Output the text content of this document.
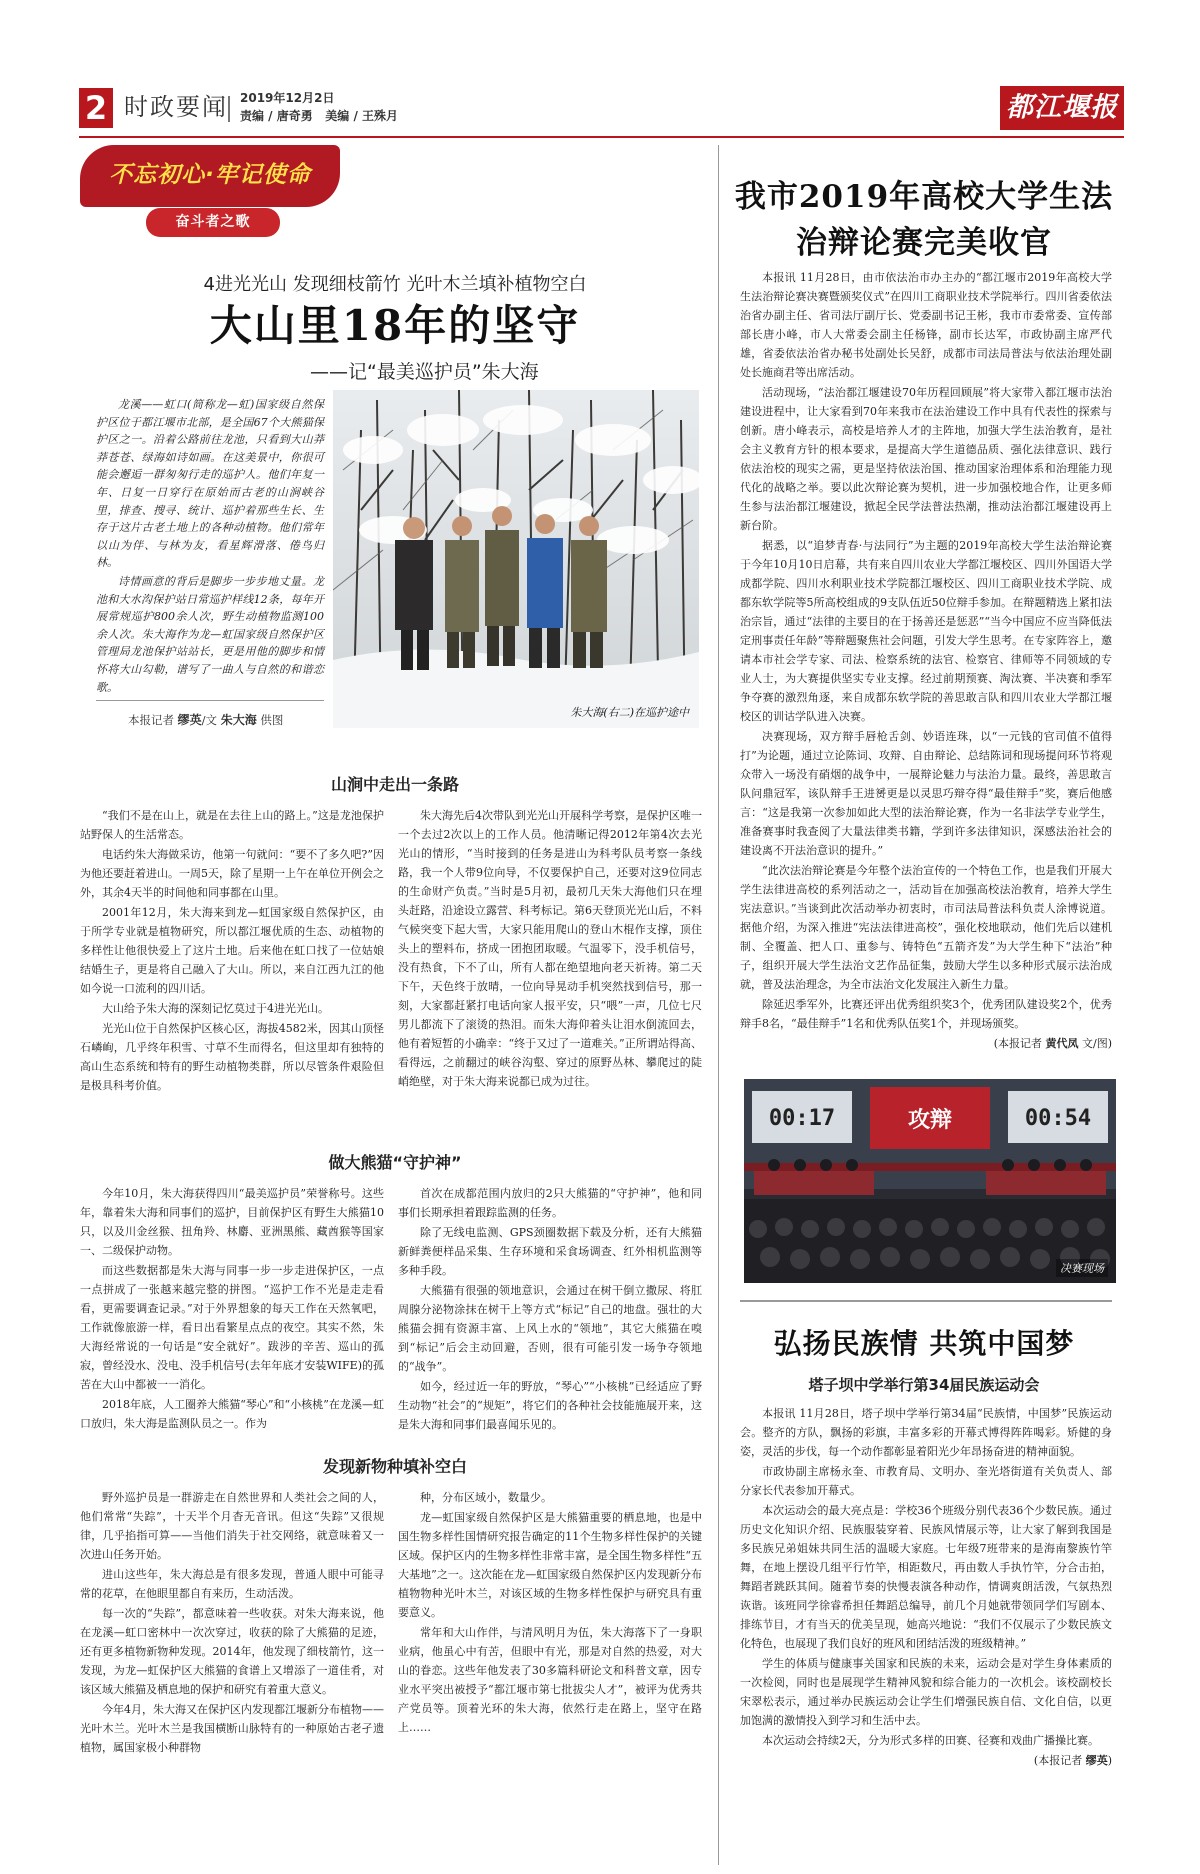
2 时政要闻 2019年12月2日
责编 / 唐奇勇   美编 / 王殊月	都江堰报
不忘初心·牢记使命
奋斗者之歌
4进光光山 发现细枝箭竹 光叶木兰填补植物空白
大山里18年的坚守
——记“最美巡护员”朱大海

龙溪——虹口(简称龙—虹)国家级自然保护区位于都江堰市北部，是全国67个大熊猫保护区之一。沿着公路前往龙池，只看到大山莽莽苍苍、绿海如诗如画。在这美景中，你很可能会邂逅一群匆匆行走的巡护人。他们年复一年、日复一日穿行在原始而古老的山涧峡谷里，排查、搜寻、统计、巡护着那些生长、生存于这片古老土地上的各种动植物。他们常年以山为伴、与林为友，看星辉滑落、倦鸟归林。

诗情画意的背后是脚步一步步地丈量。龙池和大水沟保护站日常巡护样线12条，每年开展常规巡护800余人次，野生动植物监测100余人次。朱大海作为龙—虹国家级自然保护区管理局龙池保护站站长，更是用他的脚步和情怀将大山勾勒，谱写了一曲人与自然的和谐恋歌。

本报记者 缪英/文 朱大海 供图
朱大海(右二)在巡护途中
山涧中走出一条路

“我们不是在山上，就是在去往上山的路上。”这是龙池保护站野保人的生活常态。

电话约朱大海做采访，他第一句就问：“要不了多久吧?”因为他还要赶着进山。一周5天，除了星期一上午在单位开例会之外，其余4天半的时间他和同事都在山里。

2001年12月，朱大海来到龙—虹国家级自然保护区，由于所学专业就是植物研究，所以都江堰优质的生态、动植物的多样性让他很快爱上了这片土地。后来他在虹口找了一位姑娘结婚生子，更是将自己融入了大山。所以，来自江西九江的他如今说一口流利的四川话。

大山给予朱大海的深刻记忆莫过于4进光光山。

光光山位于自然保护区核心区，海拔4582米，因其山顶怪石嶙峋，几乎终年积雪、寸草不生而得名，但这里却有独特的高山生态系统和特有的野生动植物类群，所以尽管条件艰险但是极具科考价值。

朱大海先后4次带队到光光山开展科学考察，是保护区唯一一个去过2次以上的工作人员。他清晰记得2012年第4次去光光山的情形，“当时接到的任务是进山为科考队员考察一条线路，我一个人带9位向导，不仅要保护自己，还要对这9位同志的生命财产负责。”当时是5月初，最初几天朱大海他们只在埋头赶路，沿途设立露营、科考标记。第6天登顶光光山后，不料气候突变下起大雪，大家只能用爬山的登山木棍作支撑，顶住头上的塑料布，挤成一团抱团取暖。气温零下，没手机信号，没有热食，下不了山，所有人都在绝望地向老天祈祷。第二天下午，天色终于放晴，一位向导晃动手机突然找到信号，那一刻，大家都赶紧打电话向家人报平安，只“喂”一声，几位七尺男儿都流下了滚烫的热泪。而朱大海仰着头让泪水倒流回去，他有着短暂的小确幸：“终于又过了一道难关。”正所谓站得高、看得远，之前翻过的峡谷沟壑、穿过的原野丛林、攀爬过的陡峭绝壁，对于朱大海来说都已成为过往。

做大熊猫“守护神”

今年10月，朱大海获得四川“最美巡护员”荣誉称号。这些年，靠着朱大海和同事们的巡护，目前保护区有野生大熊猫10只，以及川金丝猴、扭角羚、林麝、亚洲黑熊、藏酋猴等国家一、二级保护动物。

而这些数据都是朱大海与同事一步一步走进保护区，一点一点拼成了一张越来越完整的拼图。“巡护工作不光是走走看看，更需要调查记录。”对于外界想象的每天工作在天然氧吧，工作就像旅游一样，看日出看繁星点点的夜空。其实不然，朱大海经常说的一句话是“安全就好”。跋涉的辛苦、巡山的孤寂，曾经没水、没电、没手机信号(去年年底才安装WIFE)的孤苦在大山中都被一一消化。

2018年底，人工圈养大熊猫“琴心”和“小核桃”在龙溪—虹口放归，朱大海是监测队员之一。作为

首次在成都范围内放归的2只大熊猫的“守护神”，他和同事们长期承担着跟踪监测的任务。

除了无线电监测、GPS颈圈数据下载及分析，还有大熊猫新鲜粪便样品采集、生存环境和采食场调查、红外相机监测等多种手段。

大熊猫有很强的领地意识，会通过在树干倒立撒尿、将肛周腺分泌物涂抹在树干上等方式“标记”自己的地盘。强壮的大熊猫会拥有资源丰富、上风上水的“领地”，其它大熊猫在嗅到“标记”后会主动回避，否则，很有可能引发一场争夺领地的“战争”。

如今，经过近一年的野放，“琴心”“小核桃”已经适应了野生动物“社会”的“规矩”，将它们的各种社会技能施展开来，这是朱大海和同事们最喜闻乐见的。

发现新物种填补空白

野外巡护员是一群游走在自然世界和人类社会之间的人，他们常常“失踪”，十天半个月杳无音讯。但这“失踪”又很规律，几乎掐指可算——当他们消失于社交网络，就意味着又一次进山任务开始。

进山这些年，朱大海总是有很多发现，普通人眼中可能寻常的花草，在他眼里都自有来历，生动活泼。

每一次的“失踪”，都意味着一些收获。对朱大海来说，他在龙溪—虹口密林中一次次穿过，收获的除了大熊猫的足迹，还有更多植物新物种发现。2014年，他发现了细枝箭竹，这一发现，为龙—虹保护区大熊猫的食谱上又增添了一道佳肴，对该区域大熊猫及栖息地的保护和研究有着重大意义。

今年4月，朱大海又在保护区内发现都江堰新分布植物——光叶木兰。光叶木兰是我国横断山脉特有的一种原始古老孑遗植物，属国家极小种群物

种，分布区域小，数量少。

龙—虹国家级自然保护区是大熊猫重要的栖息地，也是中国生物多样性国情研究报告确定的11个生物多样性保护的关键区域。保护区内的生物多样性非常丰富，是全国生物多样性“五大基地”之一。这次能在龙—虹国家级自然保护区内发现新分布植物物种光叶木兰，对该区域的生物多样性保护与研究具有重要意义。

常年和大山作伴，与清风明月为伍，朱大海落下了一身职业病，他虽心中有苦，但眼中有光，那是对自然的热爱，对大山的眷恋。这些年他发表了30多篇科研论文和科普文章，因专业水平突出被授予“都江堰市第七批拔尖人才”，被评为优秀共产党员等。顶着光环的朱大海，依然行走在路上，坚守在路上……

我市2019年高校大学生法治辩论赛完美收官

本报讯 11月28日，由市依法治市办主办的“都江堰市2019年高校大学生法治辩论赛决赛暨颁奖仪式”在四川工商职业技术学院举行。四川省委依法治省办副主任、省司法厅副厅长、党委副书记王彬，我市市委常委、宣传部部长唐小峰，市人大常委会副主任杨锋，副市长达军，市政协副主席严代雄，省委依法治省办秘书处副处长吴舒，成都市司法局普法与依法治理处副处长施商君等出席活动。

活动现场，“法治都江堰建设70年历程回顾展”将大家带入都江堰市法治建设进程中，让大家看到70年来我市在法治建设工作中具有代表性的探索与创新。唐小峰表示，高校是培养人才的主阵地，加强大学生法治教育，是社会主义教育方针的根本要求，是提高大学生道德品质、强化法律意识、践行依法治校的现实之需，更是坚持依法治国、推动国家治理体系和治理能力现代化的战略之举。要以此次辩论赛为契机，进一步加强校地合作，让更多师生参与法治都江堰建设，掀起全民学法普法热潮，推动法治都江堰建设再上新台阶。

据悉，以“追梦青春·与法同行”为主题的2019年高校大学生法治辩论赛于今年10月10日启幕，共有来自四川农业大学都江堰校区、四川外国语大学成都学院、四川水利职业技术学院都江堰校区、四川工商职业技术学院、成都东软学院等5所高校组成的9支队伍近50位辩手参加。在辩题精选上紧扣法治宗旨，通过“法律的主要目的在于扬善还是惩恶”“当今中国应不应当降低法定刑事责任年龄”等辩题聚焦社会问题，引发大学生思考。在专家阵容上，邀请本市社会学专家、司法、检察系统的法官、检察官、律师等不同领域的专业人士，为大赛提供坚实专业支撑。经过前期预赛、淘汰赛、半决赛和季军争夺赛的激烈角逐，来自成都东软学院的善思敢言队和四川农业大学都江堰校区的训诂学队进入决赛。

决赛现场，双方辩手唇枪舌剑、妙语连珠，以“一元钱的官司值不值得打”为论题，通过立论陈词、攻辩、自由辩论、总结陈词和现场提问环节将观众带入一场没有硝烟的战争中，一展辩论魅力与法治力量。最终，善思敢言队问鼎冠军，该队辩手王进赟更是以灵思巧辩夺得“最佳辩手”奖，赛后他感言：“这是我第一次参加如此大型的法治辩论赛，作为一名非法学专业学生，准备赛事时我查阅了大量法律类书籍，学到许多法律知识，深感法治社会的建设离不开法治意识的提升。”

“此次法治辩论赛是今年整个法治宣传的一个特色工作，也是我们开展大学生法律进高校的系列活动之一，活动旨在加强高校法治教育，培养大学生宪法意识。”当谈到此次活动举办初衷时，市司法局普法科负责人涂博说道。据他介绍，为深入推进“宪法法律进高校”，强化校地联动，他们先后以建机制、全覆盖、把人口、重参与、铸特色“五箭齐发”为大学生种下“法治”种子，组织开展大学生法治文艺作品征集，鼓励大学生以多种形式展示法治成就，普及法治理念，为全市法治文化发展注入新生力量。

除延迟季军外，比赛还评出优秀组织奖3个，优秀团队建设奖2个，优秀辩手8名，“最佳辩手”1名和优秀队伍奖1个，并现场颁奖。

(本报记者 黄代凤 文/图)

00:17	攻辩	00:54
决赛现场
弘扬民族情 共筑中国梦
塔子坝中学举行第34届民族运动会

本报讯 11月28日，塔子坝中学举行第34届“民族情，中国梦”民族运动会。整齐的方队，飘扬的彩旗，丰富多彩的开幕式博得阵阵喝彩。矫健的身姿，灵活的步伐，每一个动作都彰显着阳光少年昂扬奋进的精神面貌。

市政协副主席杨永奎、市教育局、文明办、奎光塔街道有关负责人、部分家长代表参加开幕式。

本次运动会的最大亮点是：学校36个班级分别代表36个少数民族。通过历史文化知识介绍、民族服装穿着、民族风情展示等，让大家了解到我国是多民族兄弟姐妹共同生活的温暖大家庭。七年级7班带来的是海南黎族竹竿舞，在地上摆设几组平行竹竿，相距数尺，再由数人手执竹竿，分合击拍，舞蹈者跳跃其间。随着节奏的快慢表演各种动作，情调爽朗活泼，气氛热烈诙谐。该班同学徐睿希担任舞蹈总编导，前几个月她就带领同学们写剧本、排练节目，才有当天的优美呈现，她高兴地说：“我们不仅展示了少数民族文化特色，也展现了我们良好的班风和团结活泼的班级精神。”

学生的体质与健康事关国家和民族的未来，运动会是对学生身体素质的一次检阅，同时也是展现学生精神风貌和综合能力的一次机会。该校副校长宋翠松表示，通过举办民族运动会让学生们增强民族自信、文化自信，以更加饱满的激情投入到学习和生活中去。

本次运动会持续2天，分为形式多样的田赛、径赛和戏曲广播操比赛。

(本报记者 缪英)
